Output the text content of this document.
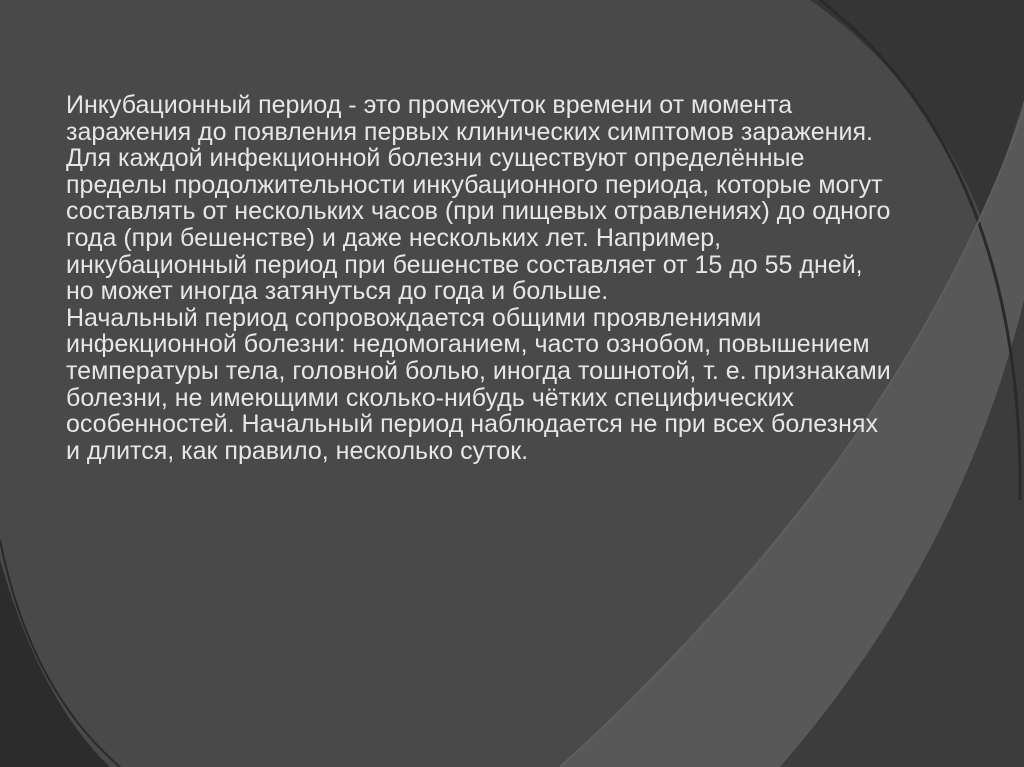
Инкубационный период - это промежуток времени от момента заражения до появления первых клинических симптомов заражения.

Для каждой инфекционной болезни существуют определённые пределы продолжительности инкубационного периода, которые могут составлять от нескольких часов (при пищевых отравлениях) до одного года (при бешенстве) и даже нескольких лет. Например, инкубационный период при бешенстве составляет от 15 до 55 дней, но может иногда затянуться до года и больше.

Начальный период сопровождается общими проявлениями инфекционной болезни: недомоганием, часто ознобом, повышением температуры тела, головной болью, иногда тошнотой, т. е. признаками болезни, не имеющими сколько-нибудь чётких специфических особенностей. Начальный период наблюдается не при всех болезнях и длится, как правило, несколько суток.
